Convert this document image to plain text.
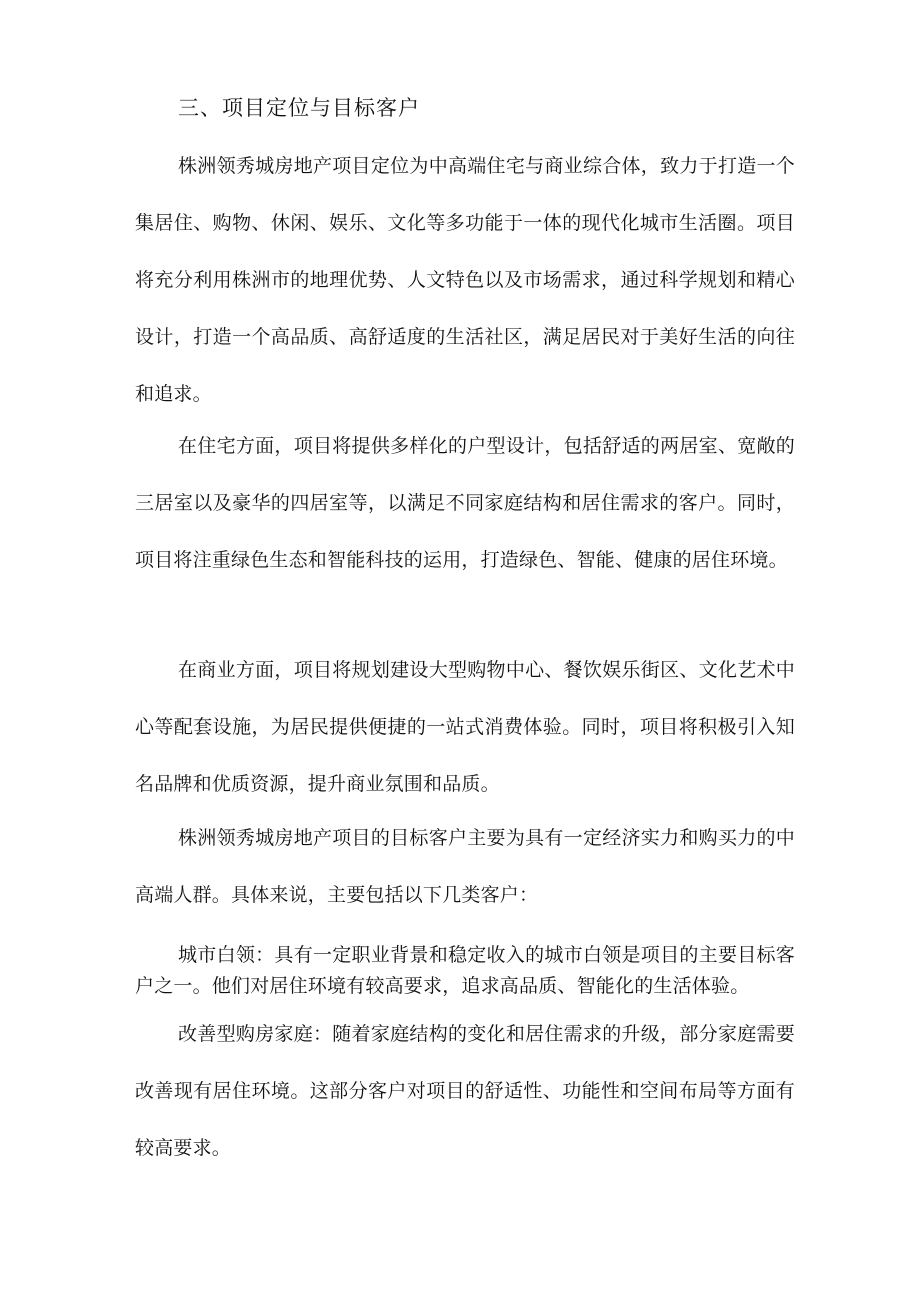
三、项目定位与目标客户

株洲领秀城房地产项目定位为中高端住宅与商业综合体，致力于打造一个集居住、购物、休闲、娱乐、文化等多功能于一体的现代化城市生活圈。项目将充分利用株洲市的地理优势、人文特色以及市场需求，通过科学规划和精心设计，打造一个高品质、高舒适度的生活社区，满足居民对于美好生活的向往和追求。

在住宅方面，项目将提供多样化的户型设计，包括舒适的两居室、宽敞的三居室以及豪华的四居室等，以满足不同家庭结构和居住需求的客户。同时，项目将注重绿色生态和智能科技的运用，打造绿色、智能、健康的居住环境。

在商业方面，项目将规划建设大型购物中心、餐饮娱乐街区、文化艺术中心等配套设施，为居民提供便捷的一站式消费体验。同时，项目将积极引入知名品牌和优质资源，提升商业氛围和品质。

株洲领秀城房地产项目的目标客户主要为具有一定经济实力和购买力的中高端人群。具体来说，主要包括以下几类客户：

城市白领：具有一定职业背景和稳定收入的城市白领是项目的主要目标客户之一。他们对居住环境有较高要求，追求高品质、智能化的生活体验。

改善型购房家庭：随着家庭结构的变化和居住需求的升级，部分家庭需要改善现有居住环境。这部分客户对项目的舒适性、功能性和空间布局等方面有较高要求。
